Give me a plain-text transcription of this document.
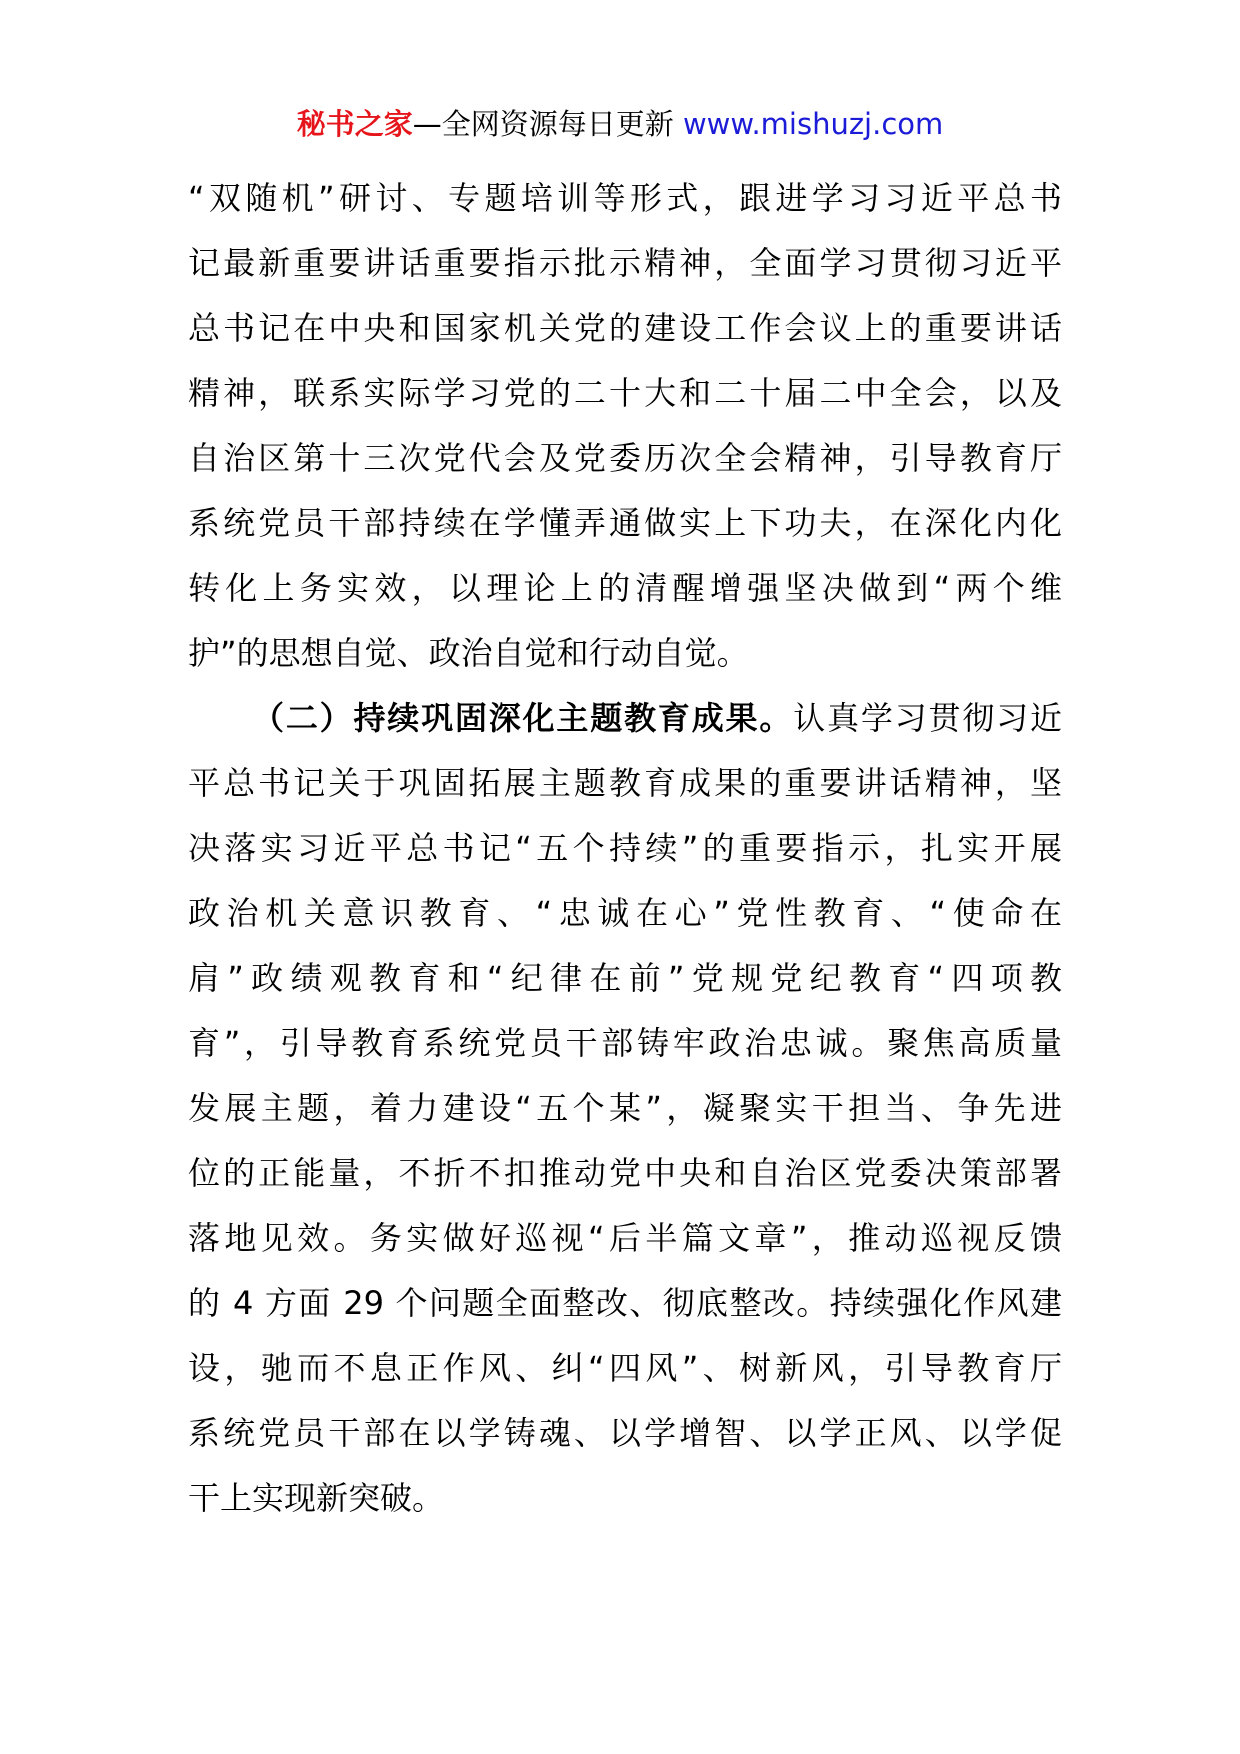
秘书之家—全网资源每日更新 www.mishuzj.com
“双随机”研讨、专题培训等形式，跟进学习习近平总书
记最新重要讲话重要指示批示精神，全面学习贯彻习近平
总书记在中央和国家机关党的建设工作会议上的重要讲话
精神，联系实际学习党的二十大和二十届二中全会，以及
自治区第十三次党代会及党委历次全会精神，引导教育厅
系统党员干部持续在学懂弄通做实上下功夫，在深化内化
转化上务实效，以理论上的清醒增强坚决做到“两个维
护”的思想自觉、政治自觉和行动自觉。
（二）持续巩固深化主题教育成果。认真学习贯彻习近
平总书记关于巩固拓展主题教育成果的重要讲话精神，坚
决落实习近平总书记“五个持续”的重要指示，扎实开展
政治机关意识教育、“忠诚在心”党性教育、“使命在
肩”政绩观教育和“纪律在前”党规党纪教育“四项教
育”，引导教育系统党员干部铸牢政治忠诚。聚焦高质量
发展主题，着力建设“五个某”，凝聚实干担当、争先进
位的正能量，不折不扣推动党中央和自治区党委决策部署
落地见效。务实做好巡视“后半篇文章”，推动巡视反馈
的 4 方面 29 个问题全面整改、彻底整改。持续强化作风建
设，驰而不息正作风、纠“四风”、树新风，引导教育厅
系统党员干部在以学铸魂、以学增智、以学正风、以学促
干上实现新突破。
